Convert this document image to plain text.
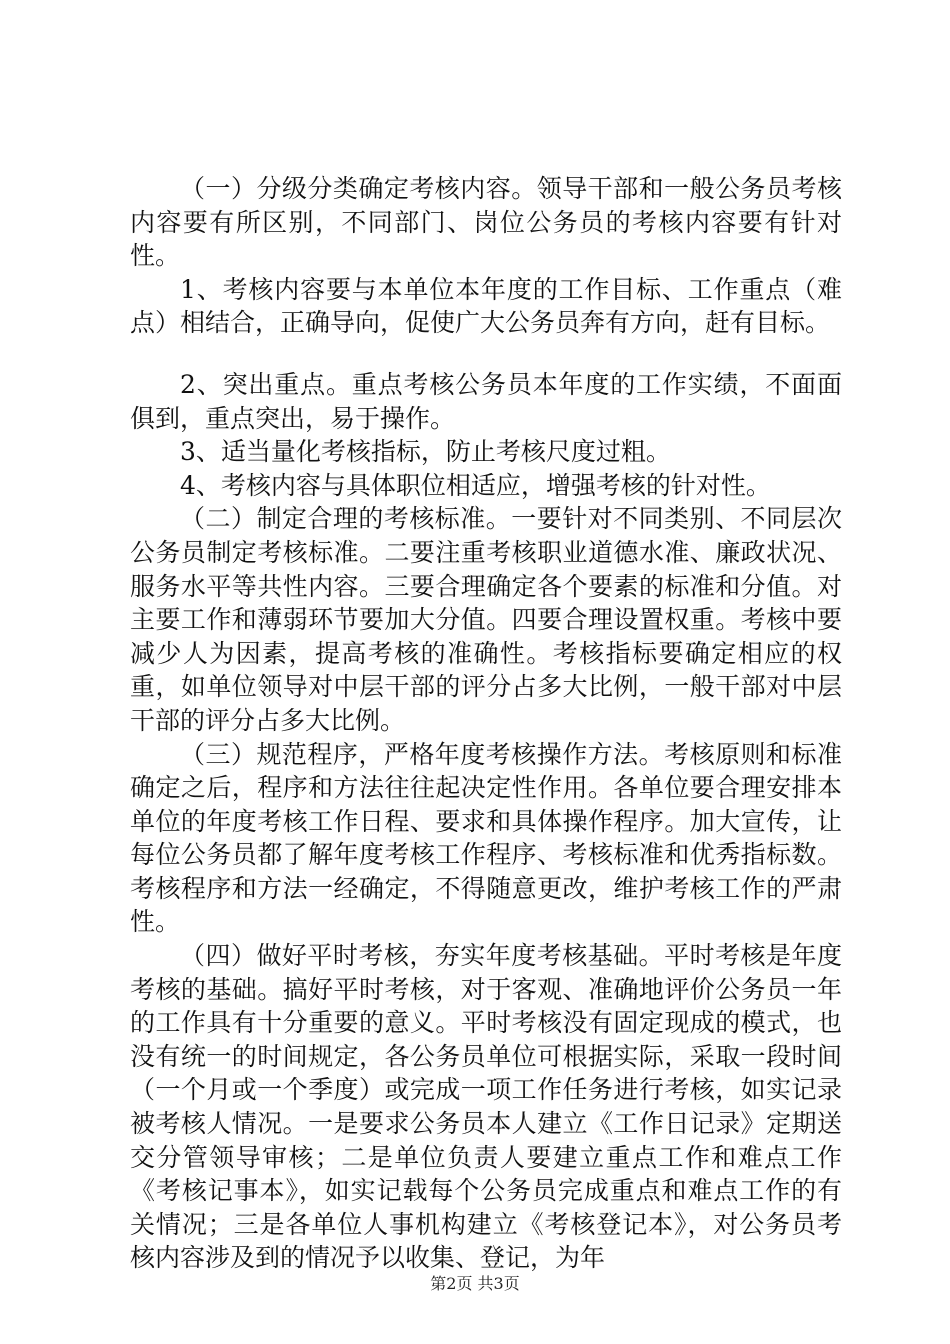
（一）分级分类确定考核内容。领导干部和一般公务员考核内容要有所区别，不同部门、岗位公务员的考核内容要有针对性。

1、考核内容要与本单位本年度的工作目标、工作重点（难点）相结合，正确导向，促使广大公务员奔有方向，赶有目标。

2、突出重点。重点考核公务员本年度的工作实绩，不面面俱到，重点突出，易于操作。

3、适当量化考核指标，防止考核尺度过粗。

4、考核内容与具体职位相适应，增强考核的针对性。

（二）制定合理的考核标准。一要针对不同类别、不同层次公务员制定考核标准。二要注重考核职业道德水准、廉政状况、服务水平等共性内容。三要合理确定各个要素的标准和分值。对主要工作和薄弱环节要加大分值。四要合理设置权重。考核中要减少人为因素，提高考核的准确性。考核指标要确定相应的权重，如单位领导对中层干部的评分占多大比例，一般干部对中层干部的评分占多大比例。

（三）规范程序，严格年度考核操作方法。考核原则和标准确定之后，程序和方法往往起决定性作用。各单位要合理安排本单位的年度考核工作日程、要求和具体操作程序。加大宣传，让每位公务员都了解年度考核工作程序、考核标准和优秀指标数。考核程序和方法一经确定，不得随意更改，维护考核工作的严肃性。

（四）做好平时考核，夯实年度考核基础。平时考核是年度考核的基础。搞好平时考核，对于客观、准确地评价公务员一年的工作具有十分重要的意义。平时考核没有固定现成的模式，也没有统一的时间规定，各公务员单位可根据实际，采取一段时间（一个月或一个季度）或完成一项工作任务进行考核，如实记录被考核人情况。一是要求公务员本人建立《工作日记录》定期送交分管领导审核；二是单位负责人要建立重点工作和难点工作《考核记事本》，如实记载每个公务员完成重点和难点工作的有关情况；三是各单位人事机构建立《考核登记本》，对公务员考核内容涉及到的情况予以收集、登记，为年

第2页 共3页
